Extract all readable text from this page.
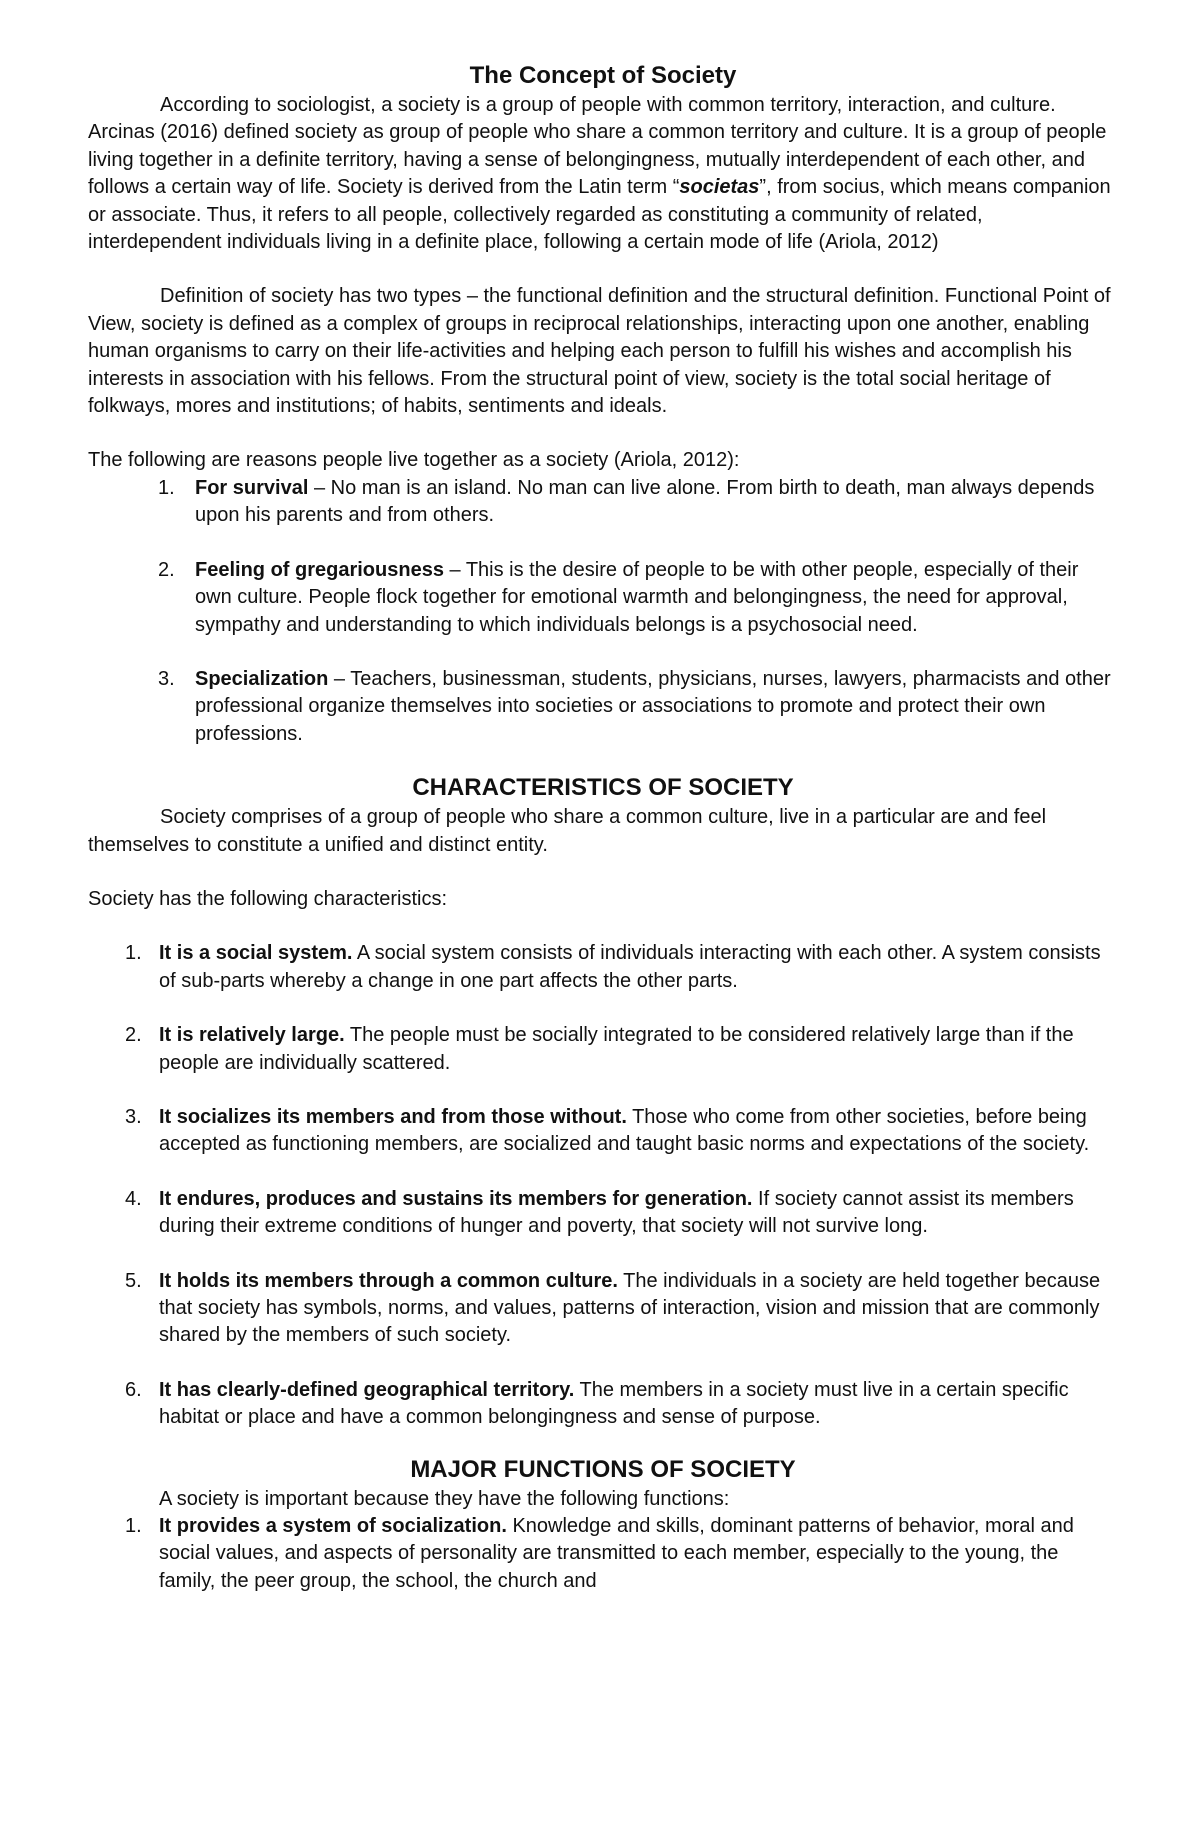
The Concept of Society

According to sociologist, a society is a group of people with common territory, interaction, and culture. Arcinas (2016) defined society as group of people who share a common territory and culture. It is a group of people living together in a definite territory, having a sense of belongingness, mutually interdependent of each other, and follows a certain way of life. Society is derived from the Latin term “societas”, from socius, which means companion or associate. Thus, it refers to all people, collectively regarded as constituting a community of related, interdependent individuals living in a definite place, following a certain mode of life (Ariola, 2012)

Definition of society has two types – the functional definition and the structural definition. Functional Point of View, society is defined as a complex of groups in reciprocal relationships, interacting upon one another, enabling human organisms to carry on their life-activities and helping each person to fulfill his wishes and accomplish his interests in association with his fellows. From the structural point of view, society is the total social heritage of folkways, mores and institutions; of habits, sentiments and ideals.

The following are reasons people live together as a society (Ariola, 2012):

1. For survival – No man is an island. No man can live alone. From birth to death, man always depends upon his parents and from others.
2. Feeling of gregariousness – This is the desire of people to be with other people, especially of their own culture. People flock together for emotional warmth and belongingness, the need for approval, sympathy and understanding to which individuals belongs is a psychosocial need.
3. Specialization – Teachers, businessman, students, physicians, nurses, lawyers, pharmacists and other professional organize themselves into societies or associations to promote and protect their own professions.
CHARACTERISTICS OF SOCIETY

Society comprises of a group of people who share a common culture, live in a particular are and feel themselves to constitute a unified and distinct entity.

Society has the following characteristics:

1. It is a social system. A social system consists of individuals interacting with each other. A system consists of sub-parts whereby a change in one part affects the other parts.
2. It is relatively large. The people must be socially integrated to be considered relatively large than if the people are individually scattered.
3. It socializes its members and from those without. Those who come from other societies, before being accepted as functioning members, are socialized and taught basic norms and expectations of the society.
4. It endures, produces and sustains its members for generation. If society cannot assist its members during their extreme conditions of hunger and poverty, that society will not survive long.
5. It holds its members through a common culture. The individuals in a society are held together because that society has symbols, norms, and values, patterns of interaction, vision and mission that are commonly shared by the members of such society.
6. It has clearly-defined geographical territory. The members in a society must live in a certain specific habitat or place and have a common belongingness and sense of purpose.
MAJOR FUNCTIONS OF SOCIETY

A society is important because they have the following functions:

1. It provides a system of socialization. Knowledge and skills, dominant patterns of behavior, moral and social values, and aspects of personality are transmitted to each member, especially to the young, the family, the peer group, the school, the church and
